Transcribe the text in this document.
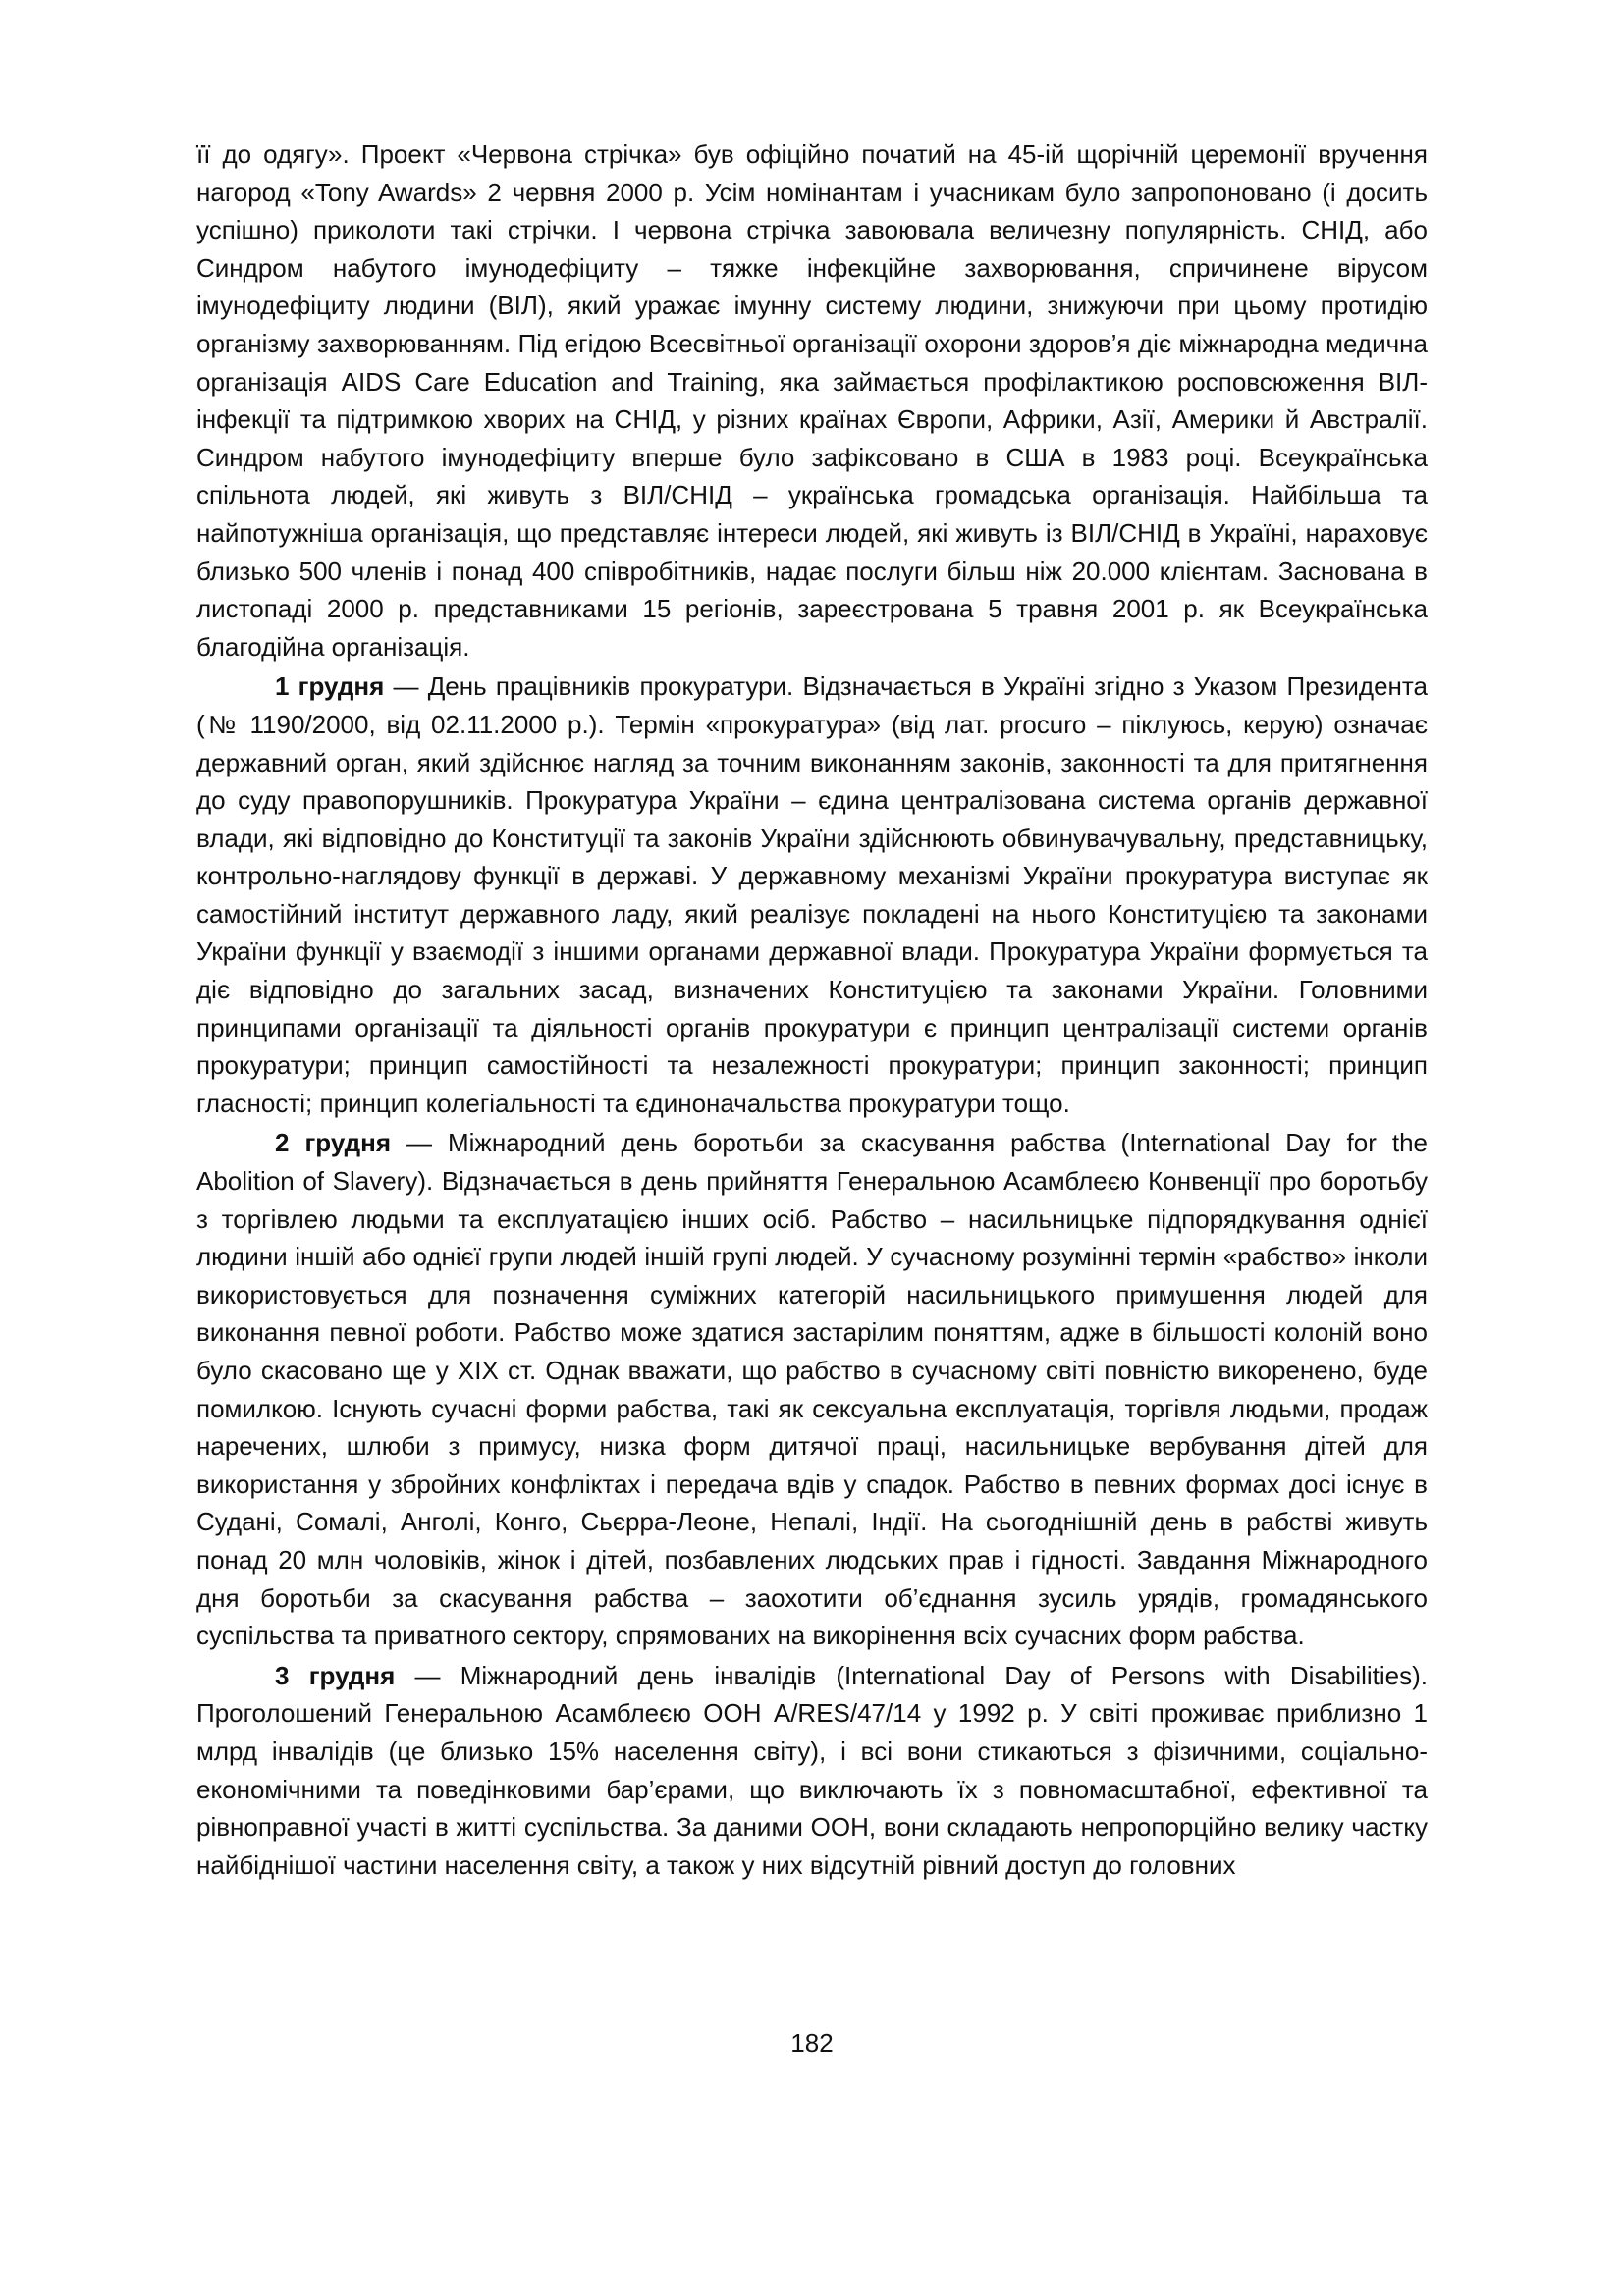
її до одягу». Проект «Червона стрічка» був офіційно початий на 45-ій щорічній церемонії вручення нагород «Tony Awards» 2 червня 2000 р. Усім номінантам і учасникам було запропоновано (і досить успішно) приколоти такі стрічки. І червона стрічка завоювала величезну популярність. СНІД, або Синдром набутого імунодефіциту – тяжке інфекційне захворювання, спричинене вірусом імунодефіциту людини (ВІЛ), який уражає імунну систему людини, знижуючи при цьому протидію організму захворюванням. Під егідою Всесвітньої організації охорони здоров’я діє міжнародна медична організація AIDS Care Education and Training, яка займається профілактикою росповсюження ВІЛ-інфекції та підтримкою хворих на СНІД, у різних країнах Європи, Африки, Азії, Америки й Австралії. Синдром набутого імунодефіциту вперше було зафіксовано в США в 1983 році. Всеукраїнська спільнота людей, які живуть з ВІЛ/СНІД – українська громадська організація. Найбільша та найпотужніша організація, що представляє інтереси людей, які живуть із ВІЛ/СНІД в Україні, нараховує близько 500 членів і понад 400 співробітників, надає послуги більш ніж 20.000 клієнтам. Заснована в листопаді 2000 р. представниками 15 регіонів, зареєстрована 5 травня 2001 р. як Всеукраїнська благодійна організація.

1 грудня — День працівників прокуратури. Відзначається в Україні згідно з Указом Президента (№ 1190/2000, від 02.11.2000 р.). Термін «прокуратура» (від лат. procuro – піклуюсь, керую) означає державний орган, який здійснює нагляд за точним виконанням законів, законності та для притягнення до суду правопорушників. Прокуратура України – єдина централізована система органів державної влади, які відповідно до Конституції та законів України здійснюють обвинувачувальну, представницьку, контрольно-наглядову функції в державі. У державному механізмі України прокуратура виступає як самостійний інститут державного ладу, який реалізує покладені на нього Конституцією та законами України функції у взаємодії з іншими органами державної влади. Прокуратура України формується та діє відповідно до загальних засад, визначених Конституцією та законами України. Головними принципами організації та діяльності органів прокуратури є принцип централізації системи органів прокуратури; принцип самостійності та незалежності прокуратури; принцип законності; принцип гласності; принцип колегіальності та єдиноначальства прокуратури тощо.

2 грудня — Міжнародний день боротьби за скасування рабства (International Day for the Abolition of Slavery). Відзначається в день прийняття Генеральною Асамблеєю Конвенції про боротьбу з торгівлею людьми та експлуатацією інших осіб. Рабство – насильницьке підпорядкування однієї людини іншій або однієї групи людей іншій групі людей. У сучасному розумінні термін «рабство» інколи використовується для позначення суміжних категорій насильницького примушення людей для виконання певної роботи. Рабство може здатися застарілим поняттям, адже в більшості колоній воно було скасовано ще у XIX ст. Однак вважати, що рабство в сучасному світі повністю викоренено, буде помилкою. Існують сучасні форми рабства, такі як сексуальна експлуатація, торгівля людьми, продаж наречених, шлюби з примусу, низка форм дитячої праці, насильницьке вербування дітей для використання у збройних конфліктах і передача вдів у спадок. Рабство в певних формах досі існує в Судані, Сомалі, Анголі, Конго, Сьєрра-Леоне, Непалі, Індії. На сьогоднішній день в рабстві живуть понад 20 млн чоловіків, жінок і дітей, позбавлених людських прав і гідності. Завдання Міжнародного дня боротьби за скасування рабства – заохотити об’єднання зусиль урядів, громадянського суспільства та приватного сектору, спрямованих на викорінення всіх сучасних форм рабства.

3 грудня — Міжнародний день інвалідів (International Day of Persons with Disabilities). Проголошений Генеральною Асамблеєю ООН A/RES/47/14 у 1992 р. У світі проживає приблизно 1 млрд інвалідів (це близько 15% населення світу), і всі вони стикаються з фізичними, соціально-економічними та поведінковими бар’єрами, що виключають їх з повномасштабної, ефективної та рівноправної участі в житті суспільства. За даними ООН, вони складають непропорційно велику частку найбіднішої частини населення світу, а також у них відсутній рівний доступ до головних

182
